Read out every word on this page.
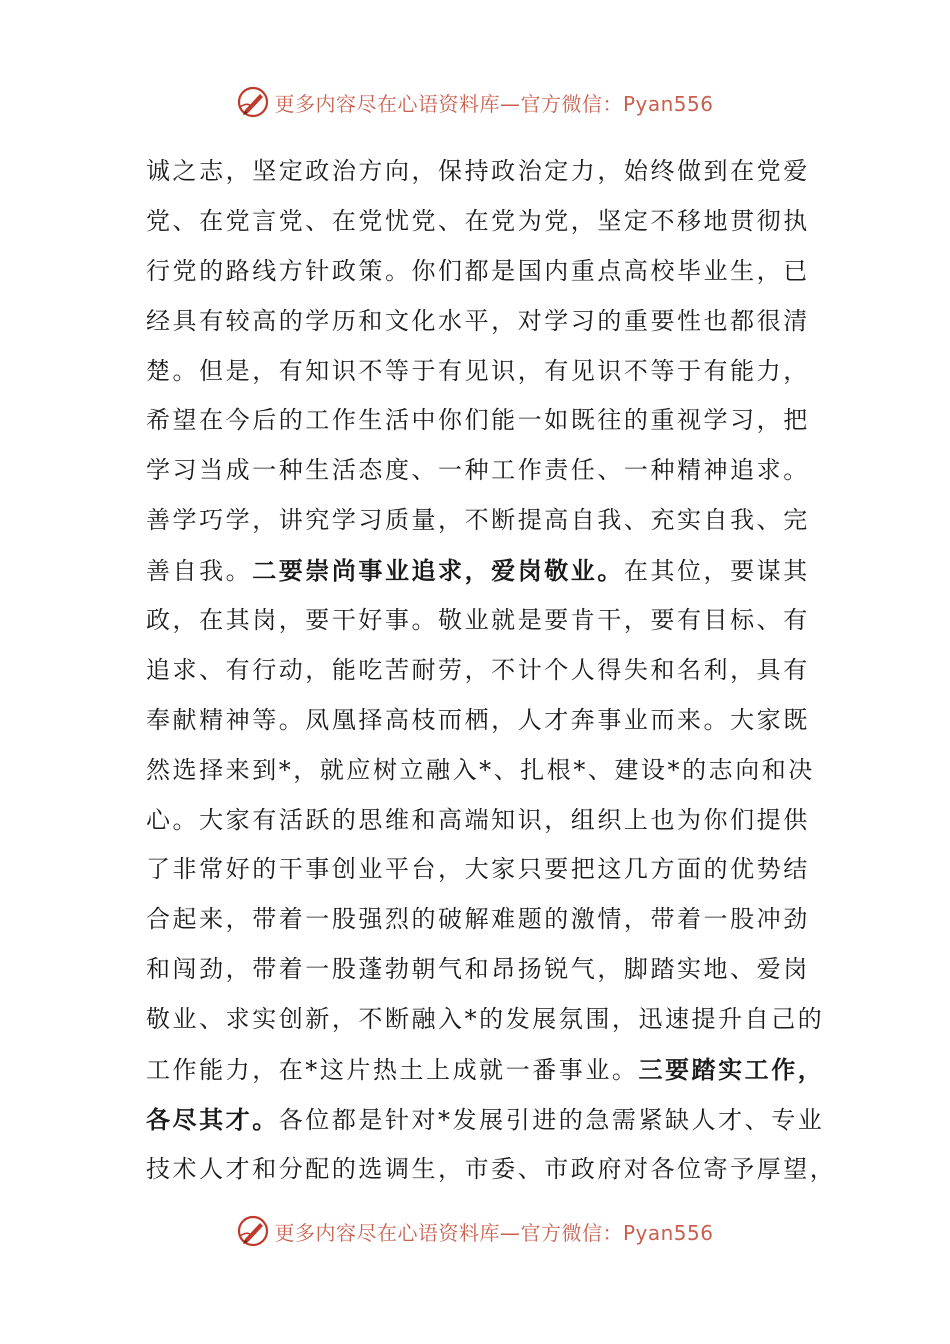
更多内容尽在心语资料库—官方微信：Pyan556
诚之志，坚定政治方向，保持政治定力，始终做到在党爱
党、在党言党、在党忧党、在党为党，坚定不移地贯彻执
行党的路线方针政策。你们都是国内重点高校毕业生，已
经具有较高的学历和文化水平，对学习的重要性也都很清
楚。但是，有知识不等于有见识，有见识不等于有能力，
希望在今后的工作生活中你们能一如既往的重视学习，把
学习当成一种生活态度、一种工作责任、一种精神追求。
善学巧学，讲究学习质量，不断提高自我、充实自我、完
善自我。二要崇尚事业追求，爱岗敬业。在其位，要谋其
政，在其岗，要干好事。敬业就是要肯干，要有目标、有
追求、有行动，能吃苦耐劳，不计个人得失和名利，具有
奉献精神等。凤凰择高枝而栖，人才奔事业而来。大家既
然选择来到*，就应树立融入*、扎根*、建设*的志向和决
心。大家有活跃的思维和高端知识，组织上也为你们提供
了非常好的干事创业平台，大家只要把这几方面的优势结
合起来，带着一股强烈的破解难题的激情，带着一股冲劲
和闯劲，带着一股蓬勃朝气和昂扬锐气，脚踏实地、爱岗
敬业、求实创新，不断融入*的发展氛围，迅速提升自己的
工作能力，在*这片热土上成就一番事业。三要踏实工作，
各尽其才。各位都是针对*发展引进的急需紧缺人才、专业
技术人才和分配的选调生，市委、市政府对各位寄予厚望，
更多内容尽在心语资料库—官方微信：Pyan556
